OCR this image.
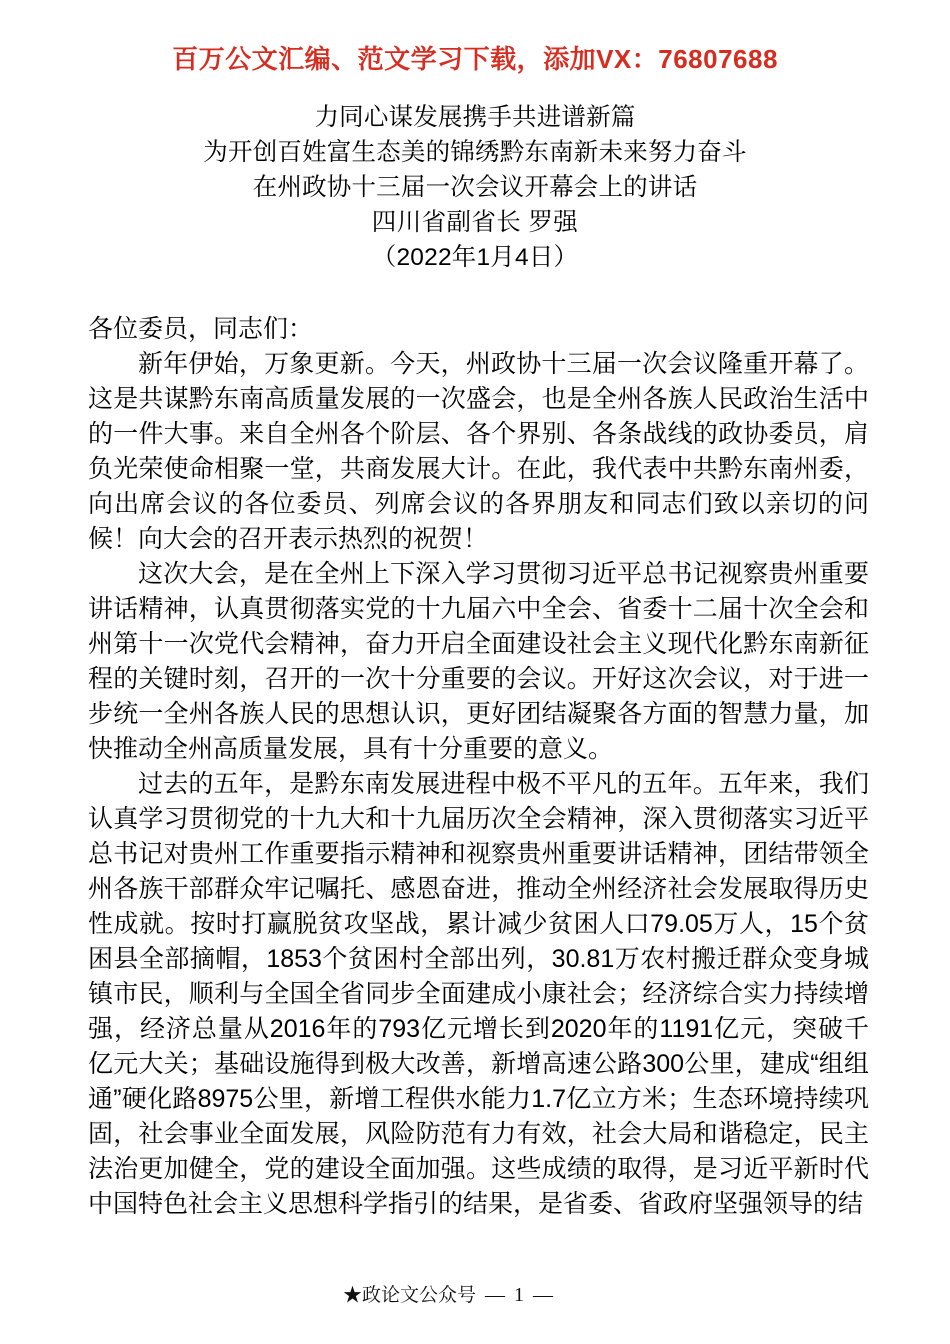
百万公文汇编、范文学习下载，添加VX：76807688
力同心谋发展携手共进谱新篇
为开创百姓富生态美的锦绣黔东南新未来努力奋斗
在州政协十三届一次会议开幕会上的讲话
四川省副省长 罗强
（2022年1月4日）

各位委员，同志们：

新年伊始，万象更新。今天，州政协十三届一次会议隆重开幕了。这是共谋黔东南高质量发展的一次盛会，也是全州各族人民政治生活中的一件大事。来自全州各个阶层、各个界别、各条战线的政协委员，肩负光荣使命相聚一堂，共商发展大计。在此，我代表中共黔东南州委，向出席会议的各位委员、列席会议的各界朋友和同志们致以亲切的问候！向大会的召开表示热烈的祝贺！

这次大会，是在全州上下深入学习贯彻习近平总书记视察贵州重要讲话精神，认真贯彻落实党的十九届六中全会、省委十二届十次全会和州第十一次党代会精神，奋力开启全面建设社会主义现代化黔东南新征程的关键时刻，召开的一次十分重要的会议。开好这次会议，对于进一步统一全州各族人民的思想认识，更好团结凝聚各方面的智慧力量，加快推动全州高质量发展，具有十分重要的意义。

过去的五年，是黔东南发展进程中极不平凡的五年。五年来，我们认真学习贯彻党的十九大和十九届历次全会精神，深入贯彻落实习近平总书记对贵州工作重要指示精神和视察贵州重要讲话精神，团结带领全州各族干部群众牢记嘱托、感恩奋进，推动全州经济社会发展取得历史性成就。按时打赢脱贫攻坚战，累计减少贫困人口79.05万人，15个贫困县全部摘帽，1853个贫困村全部出列，30.81万农村搬迁群众变身城镇市民，顺利与全国全省同步全面建成小康社会；经济综合实力持续增强，经济总量从2016年的793亿元增长到2020年的1191亿元，突破千亿元大关；基础设施得到极大改善，新增高速公路300公里，建成“组组通”硬化路8975公里，新增工程供水能力1.7亿立方米；生态环境持续巩固，社会事业全面发展，风险防范有力有效，社会大局和谐稳定，民主法治更加健全，党的建设全面加强。这些成绩的取得，是习近平新时代中国特色社会主义思想科学指引的结果，是省委、省政府坚强领导的结

★政论文公众号 — 1 —
